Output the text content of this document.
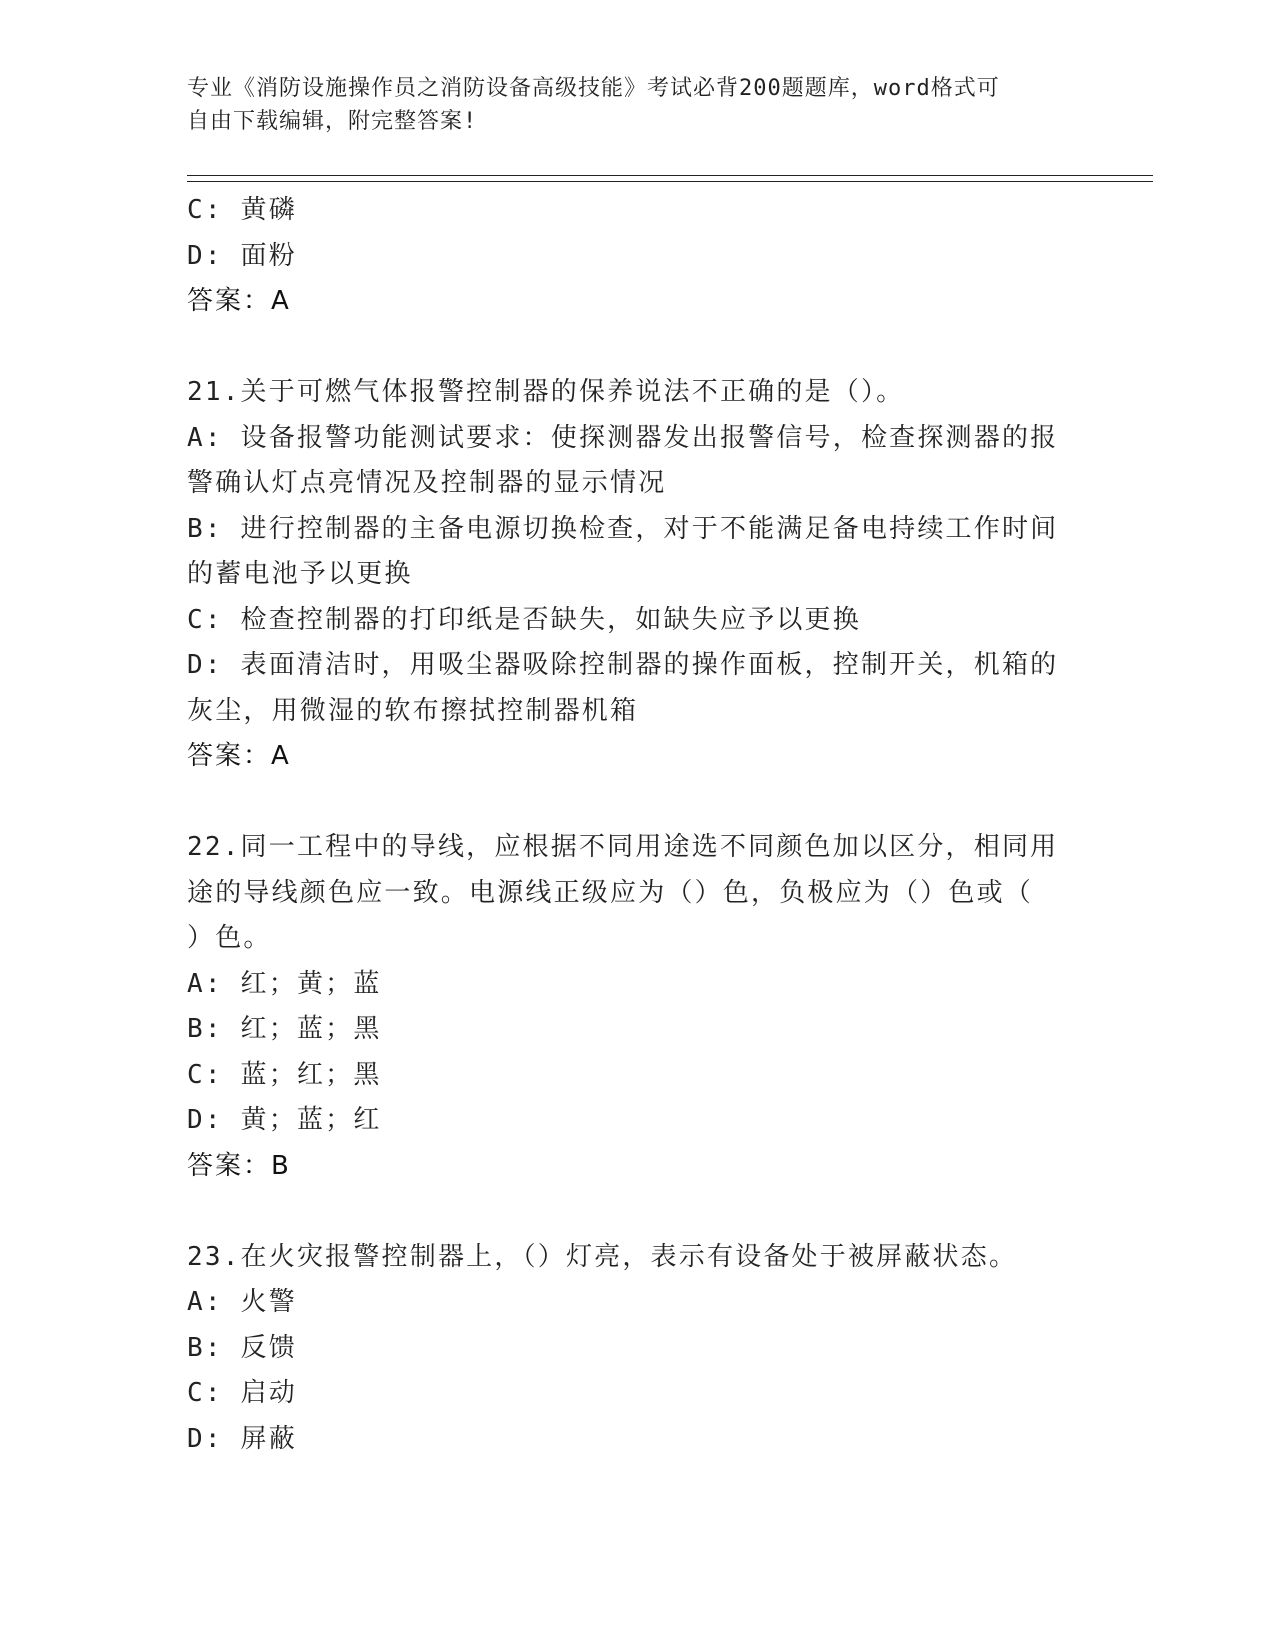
专业《消防设施操作员之消防设备高级技能》考试必背200题题库，word格式可
自由下载编辑，附完整答案!
C: 黄磷
D: 面粉
答案：A
21.关于可燃气体报警控制器的保养说法不正确的是（）。
A: 设备报警功能测试要求：使探测器发出报警信号，检查探测器的报
警确认灯点亮情况及控制器的显示情况
B: 进行控制器的主备电源切换检查，对于不能满足备电持续工作时间
的蓄电池予以更换
C: 检查控制器的打印纸是否缺失，如缺失应予以更换
D: 表面清洁时，用吸尘器吸除控制器的操作面板，控制开关，机箱的
灰尘，用微湿的软布擦拭控制器机箱
答案：A
22.同一工程中的导线，应根据不同用途选不同颜色加以区分，相同用
途的导线颜色应一致。电源线正级应为（）色，负极应为（）色或（
）色。
A: 红；黄；蓝
B: 红；蓝；黑
C: 蓝；红；黑
D: 黄；蓝；红
答案：B
23.在火灾报警控制器上，（）灯亮，表示有设备处于被屏蔽状态。
A: 火警
B: 反馈
C: 启动
D: 屏蔽
